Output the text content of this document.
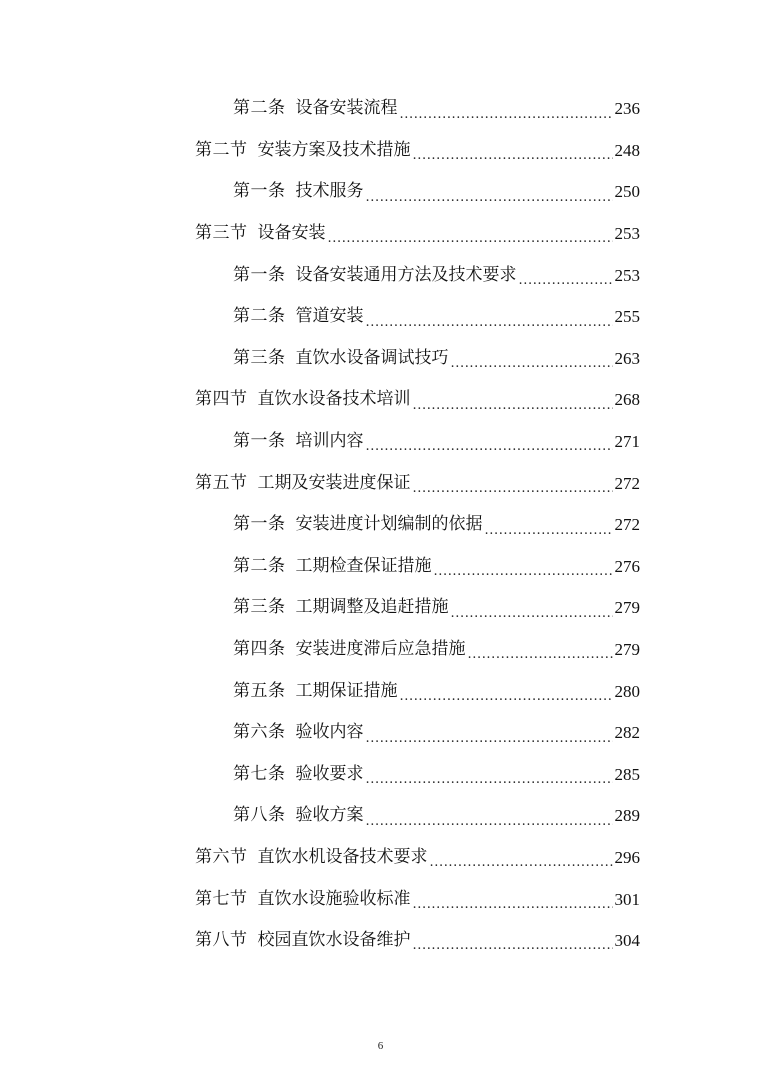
第二条 设备安装流程 .....	236
第二节 安装方案及技术措施 .....	248
第一条 技术服务 .....	250
第三节 设备安装 .....	253
第一条 设备安装通用方法及技术要求 .....	253
第二条 管道安装 .....	255
第三条 直饮水设备调试技巧 .....	263
第四节 直饮水设备技术培训 .....	268
第一条 培训内容 .....	271
第五节 工期及安装进度保证 .....	272
第一条 安装进度计划编制的依据 .....	272
第二条 工期检查保证措施 .....	276
第三条 工期调整及追赶措施 .....	279
第四条 安装进度滞后应急措施 .....	279
第五条 工期保证措施 .....	280
第六条 验收内容 .....	282
第七条 验收要求 .....	285
第八条 验收方案 .....	289
第六节 直饮水机设备技术要求 .....	296
第七节 直饮水设施验收标准 .....	301
第八节 校园直饮水设备维护 .....	304
6
